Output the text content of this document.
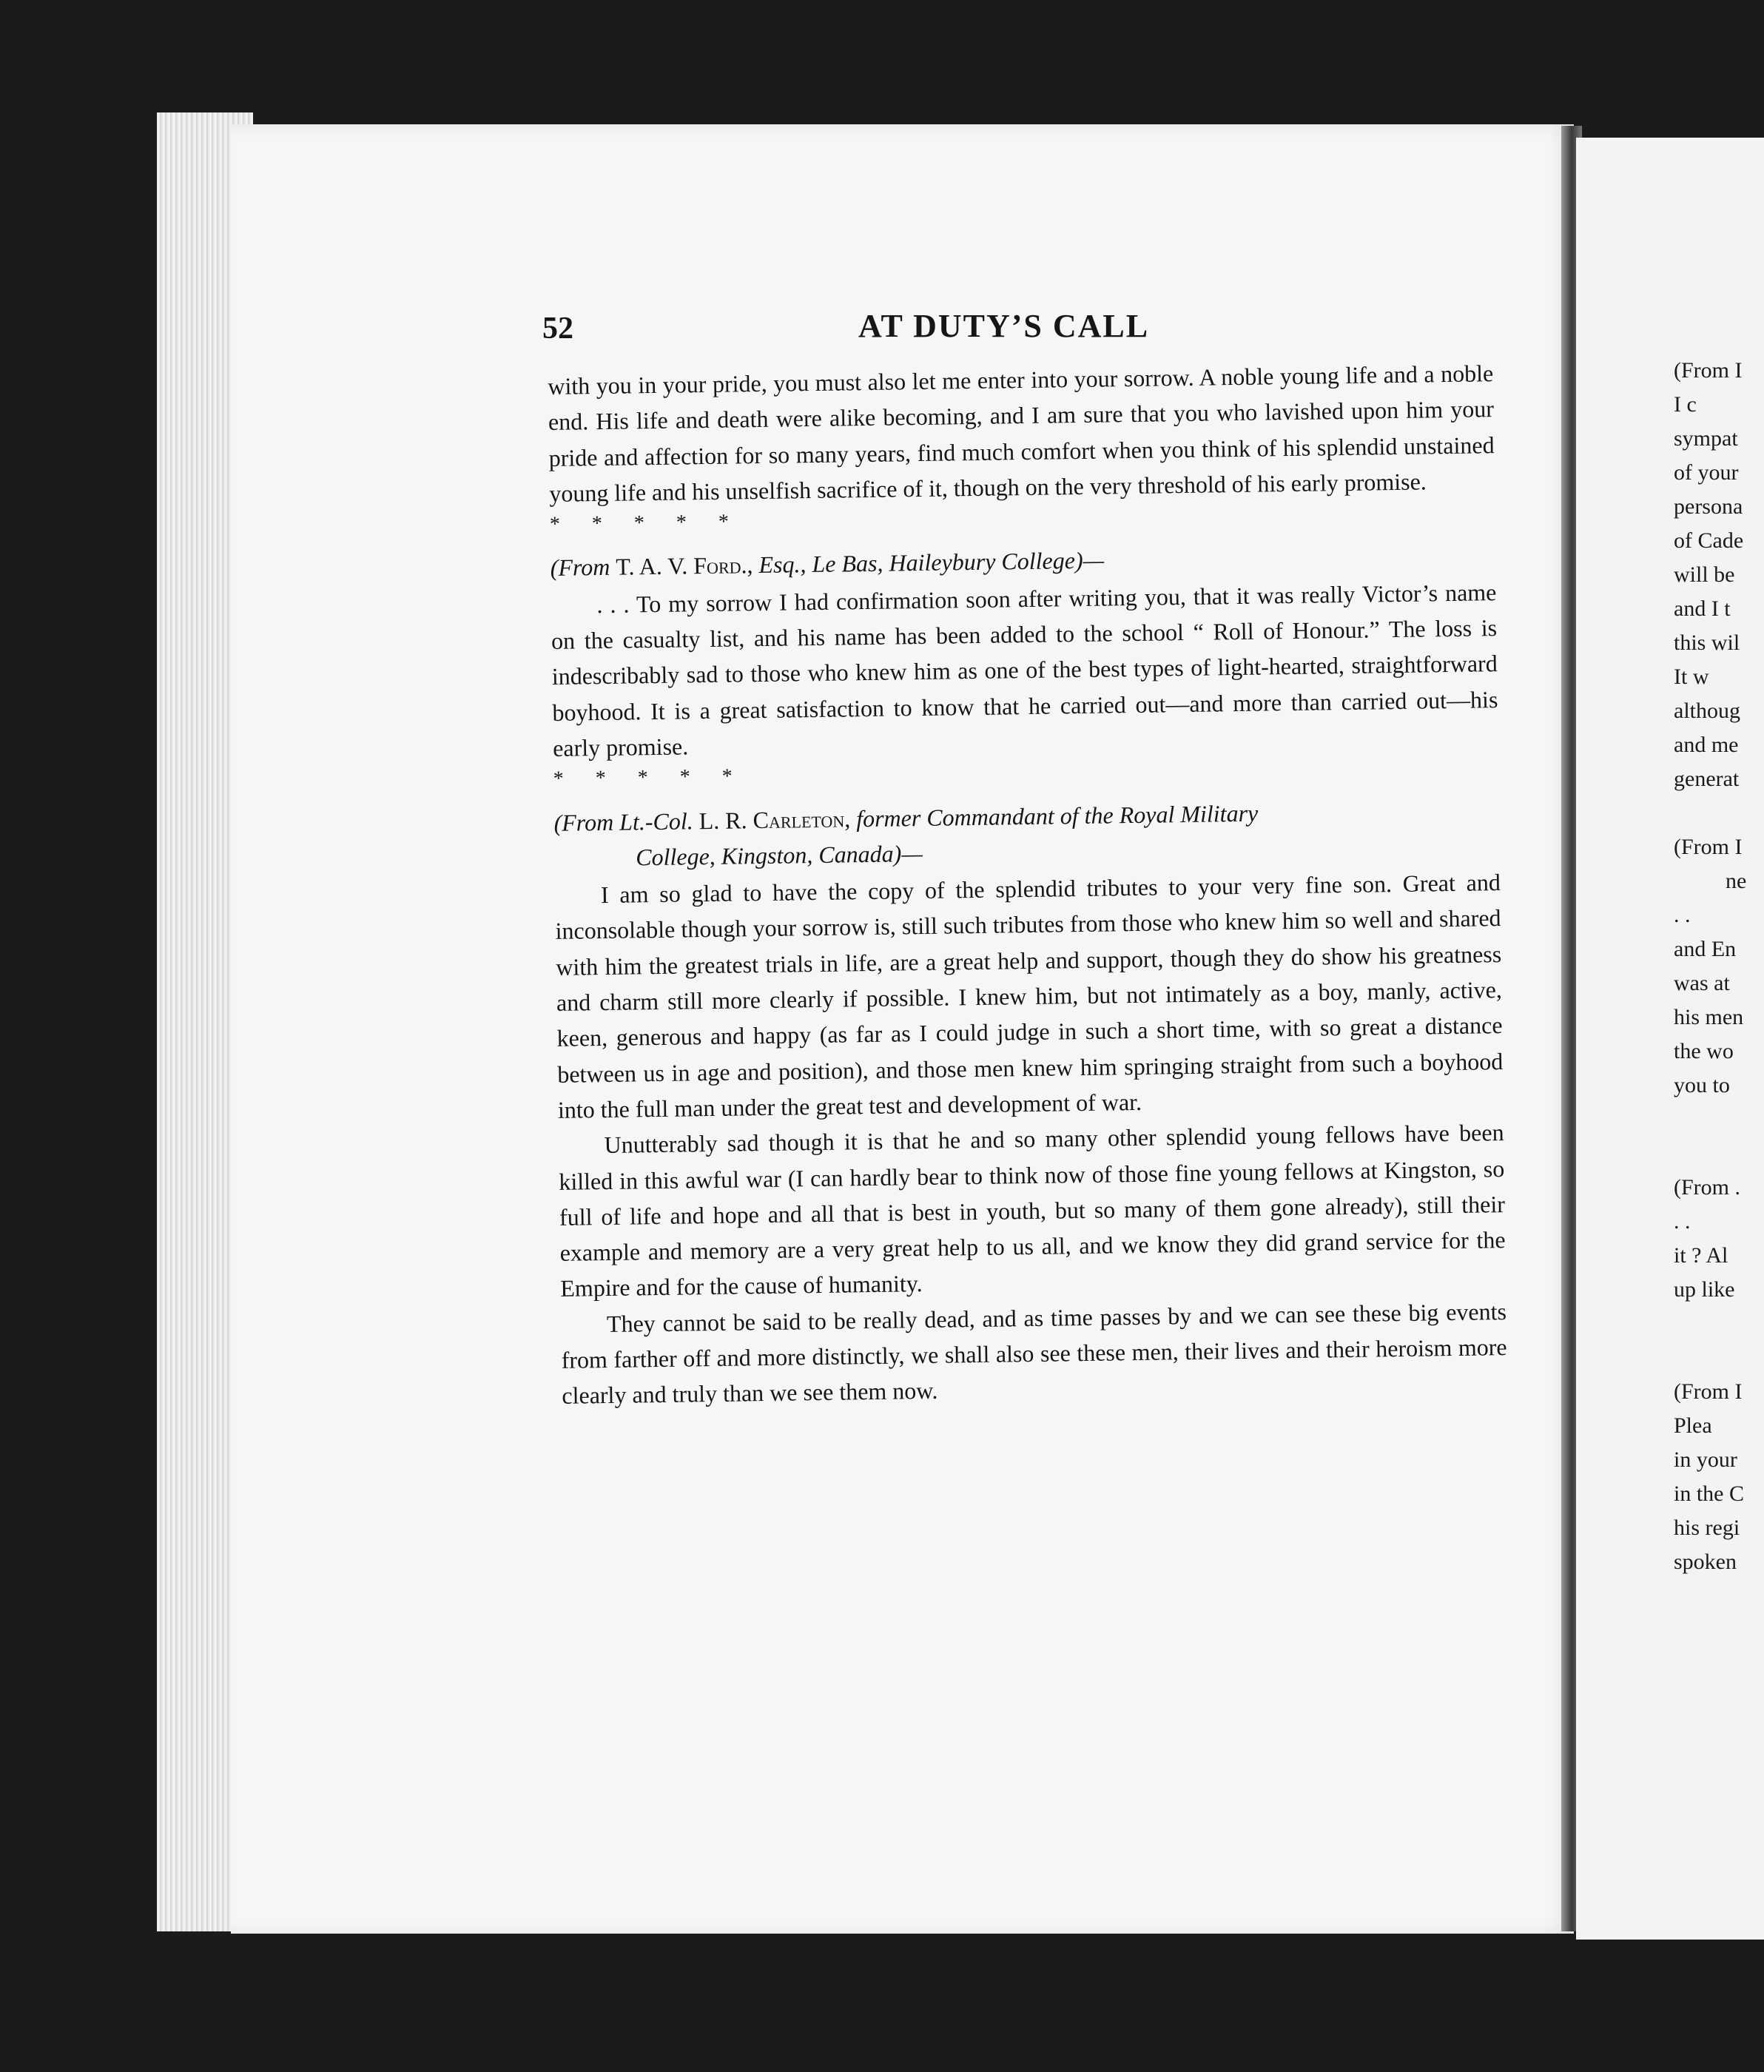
52	AT DUTY’S CALL

with you in your pride, you must also let me enter into your sorrow. A noble young life and a noble end. His life and death were alike becoming, and I am sure that you who lavished upon him your pride and affection for so many years, find much comfort when you think of his splendid unstained young life and his unselfish sacrifice of it, though on the very threshold of his early promise.

* * * * *

(From T. A. V. Ford., Esq., Le Bas, Haileybury College)—

. . . To my sorrow I had confirmation soon after writing you, that it was really Victor’s name on the casualty list, and his name has been added to the school “ Roll of Honour.” The loss is indescribably sad to those who knew him as one of the best types of light-hearted, straightforward boyhood. It is a great satisfaction to know that he carried out—and more than carried out—his early promise.

* * * * *

(From Lt.-Col. L. R. Carleton, former Commandant of the Royal Military
College, Kingston, Canada)—

I am so glad to have the copy of the splendid tributes to your very fine son. Great and inconsolable though your sorrow is, still such tributes from those who knew him so well and shared with him the greatest trials in life, are a great help and support, though they do show his greatness and charm still more clearly if possible. I knew him, but not intimately as a boy, manly, active, keen, generous and happy (as far as I could judge in such a short time, with so great a distance between us in age and position), and those men knew him springing straight from such a boyhood into the full man under the great test and development of war.

Unutterably sad though it is that he and so many other splendid young fellows have been killed in this awful war (I can hardly bear to think now of those fine young fellows at Kingston, so full of life and hope and all that is best in youth, but so many of them gone already), still their example and memory are a very great help to us all, and we know they did grand service for the Empire and for the cause of humanity.

They cannot be said to be really dead, and as time passes by and we can see these big events from farther off and more distinctly, we shall also see these men, their lives and their heroism more clearly and truly than we see them now.

(From I
I c
sympat
of your
persona
of Cade
will be
and I t
this wil
It w
althoug
and me
generat
(From I
ne
. .
and En
was at
his men
the wo
you to
(From .
. .
it ? Al
up like
(From I
Plea
in your
in the C
his regi
spoken
